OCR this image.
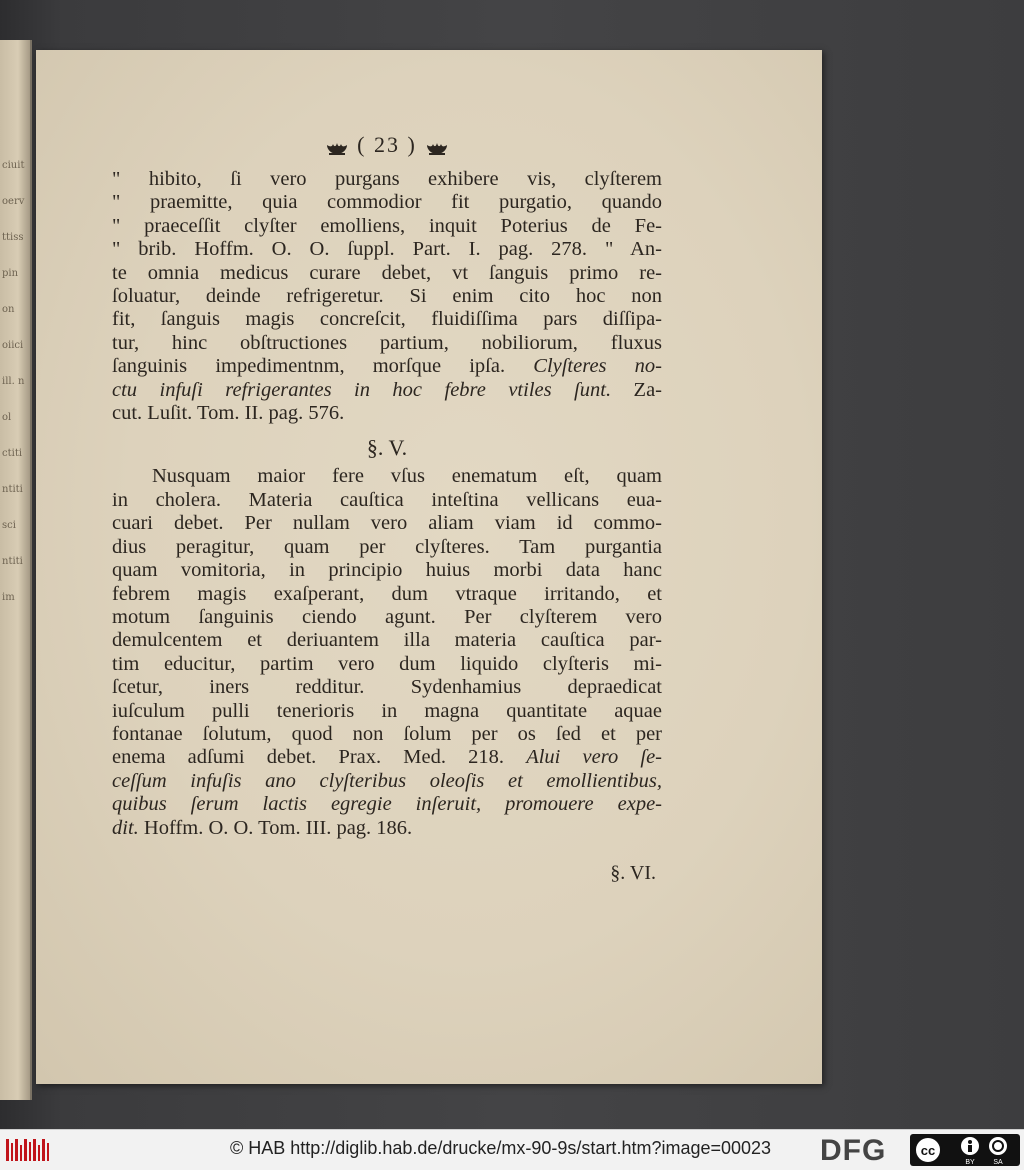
ciuit
oerv
ttiss
pin
on
oiici
ill. n
ol
ctiti
ntiti
sci
ntiti
im
( 23 )
" hibito, ſi vero purgans exhibere vis, clyſterem
" praemitte, quia commodior fit purgatio, quando
" praeceſſit clyſter emolliens, inquit Poterius de Fe-
" brib. Hoffm. O. O. ſuppl. Part. I. pag. 278. " An-
te omnia medicus curare debet, vt ſanguis primo re-
ſoluatur, deinde refrigeretur. Si enim cito hoc non
fit, ſanguis magis concreſcit, fluidiſſima pars diſſipa-
tur, hinc obſtructiones partium, nobiliorum, fluxus
ſanguinis impedimentnm, morſque ipſa. Clyſteres no-
ctu infuſi refrigerantes in hoc febre vtiles ſunt. Za-
cut. Luſit. Tom. II. pag. 576.
§. V.
Nusquam maior fere vſus enematum eſt, quam
in cholera. Materia cauſtica inteſtina vellicans eua-
cuari debet. Per nullam vero aliam viam id commo-
dius peragitur, quam per clyſteres. Tam purgantia
quam vomitoria, in principio huius morbi data hanc
febrem magis exaſperant, dum vtraque irritando, et
motum ſanguinis ciendo agunt. Per clyſterem vero
demulcentem et deriuantem illa materia cauſtica par-
tim educitur, partim vero dum liquido clyſteris mi-
ſcetur, iners redditur. Sydenhamius depraedicat
iuſculum pulli tenerioris in magna quantitate aquae
fontanae ſolutum, quod non ſolum per os ſed et per
enema adſumi debet. Prax. Med. 218. Alui vero ſe-
ceſſum infuſis ano clyſteribus oleoſis et emollientibus,
quibus ſerum lactis egregie inſeruit, promouere expe-
dit. Hoffm. O. O. Tom. III. pag. 186.
§. VI.
© HAB http://diglib.hab.de/drucke/mx-90-9s/start.htm?image=00023 DFG	cc
BY	SA
